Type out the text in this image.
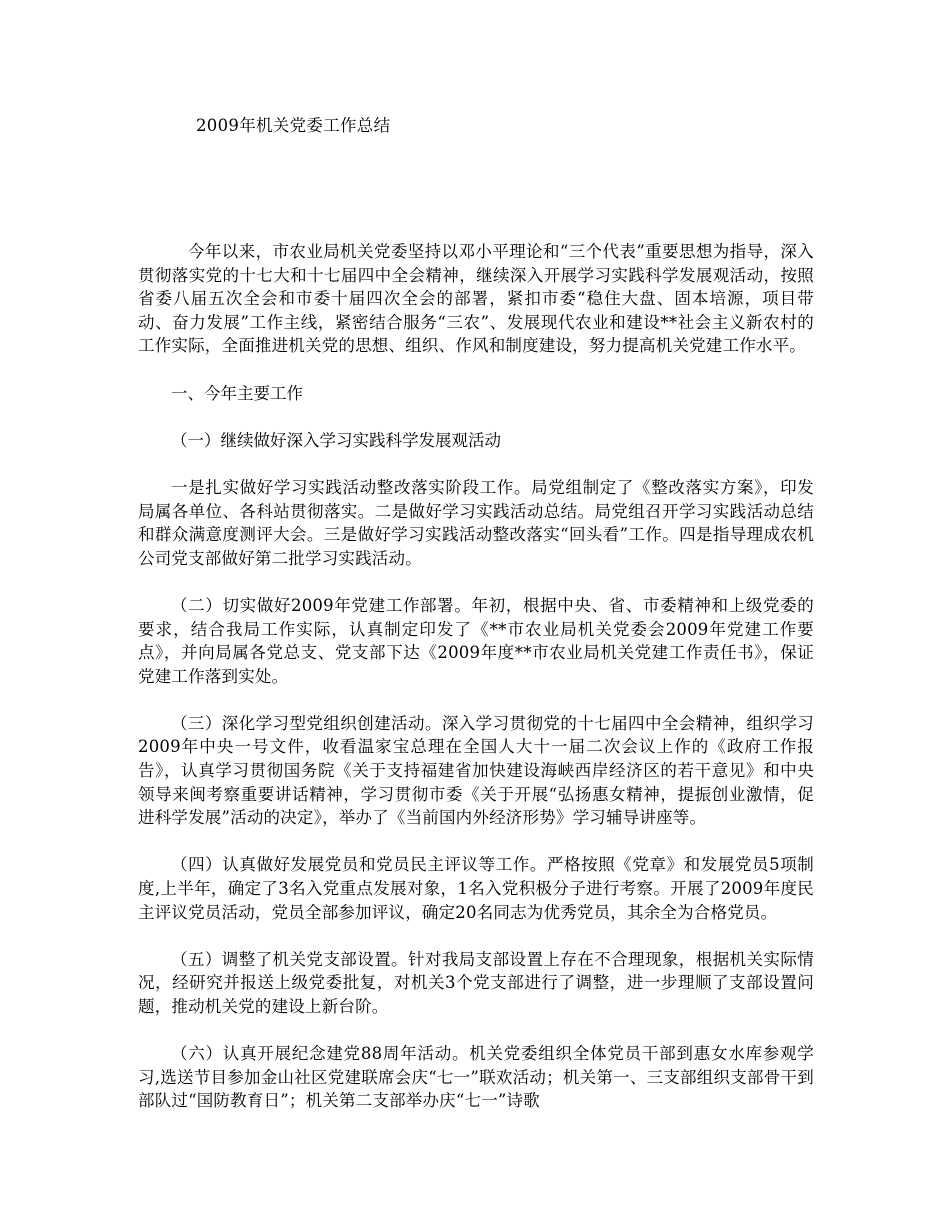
2009年机关党委工作总结

今年以来，市农业局机关党委坚持以邓小平理论和“三个代表”重要思想为指导，深入贯彻落实党的十七大和十七届四中全会精神，继续深入开展学习实践科学发展观活动，按照省委八届五次全会和市委十届四次全会的部署，紧扣市委“稳住大盘、固本培源，项目带动、奋力发展”工作主线，紧密结合服务“三农”、发展现代农业和建设**社会主义新农村的工作实际，全面推进机关党的思想、组织、作风和制度建设，努力提高机关党建工作水平。

一、今年主要工作

（一）继续做好深入学习实践科学发展观活动

一是扎实做好学习实践活动整改落实阶段工作。局党组制定了《整改落实方案》，印发局属各单位、各科站贯彻落实。二是做好学习实践活动总结。局党组召开学习实践活动总结和群众满意度测评大会。三是做好学习实践活动整改落实“回头看”工作。四是指导理成农机公司党支部做好第二批学习实践活动。

（二）切实做好2009年党建工作部署。年初，根据中央、省、市委精神和上级党委的要求，结合我局工作实际，认真制定印发了《**市农业局机关党委会2009年党建工作要点》，并向局属各党总支、党支部下达《2009年度**市农业局机关党建工作责任书》，保证党建工作落到实处。

（三）深化学习型党组织创建活动。深入学习贯彻党的十七届四中全会精神，组织学习2009年中央一号文件，收看温家宝总理在全国人大十一届二次会议上作的《政府工作报告》，认真学习贯彻国务院《关于支持福建省加快建设海峡西岸经济区的若干意见》和中央领导来闽考察重要讲话精神，学习贯彻市委《关于开展“弘扬惠女精神，提振创业激情，促进科学发展”活动的决定》，举办了《当前国内外经济形势》学习辅导讲座等。

（四）认真做好发展党员和党员民主评议等工作。严格按照《党章》和发展党员5项制度,上半年，确定了3名入党重点发展对象，1名入党积极分子进行考察。开展了2009年度民主评议党员活动，党员全部参加评议，确定20名同志为优秀党员，其余全为合格党员。

（五）调整了机关党支部设置。针对我局支部设置上存在不合理现象，根据机关实际情况，经研究并报送上级党委批复，对机关3个党支部进行了调整，进一步理顺了支部设置问题，推动机关党的建设上新台阶。

（六）认真开展纪念建党88周年活动。机关党委组织全体党员干部到惠女水库参观学习,选送节目参加金山社区党建联席会庆“七一”联欢活动；机关第一、三支部组织支部骨干到部队过“国防教育日”；机关第二支部举办庆“七一”诗歌
